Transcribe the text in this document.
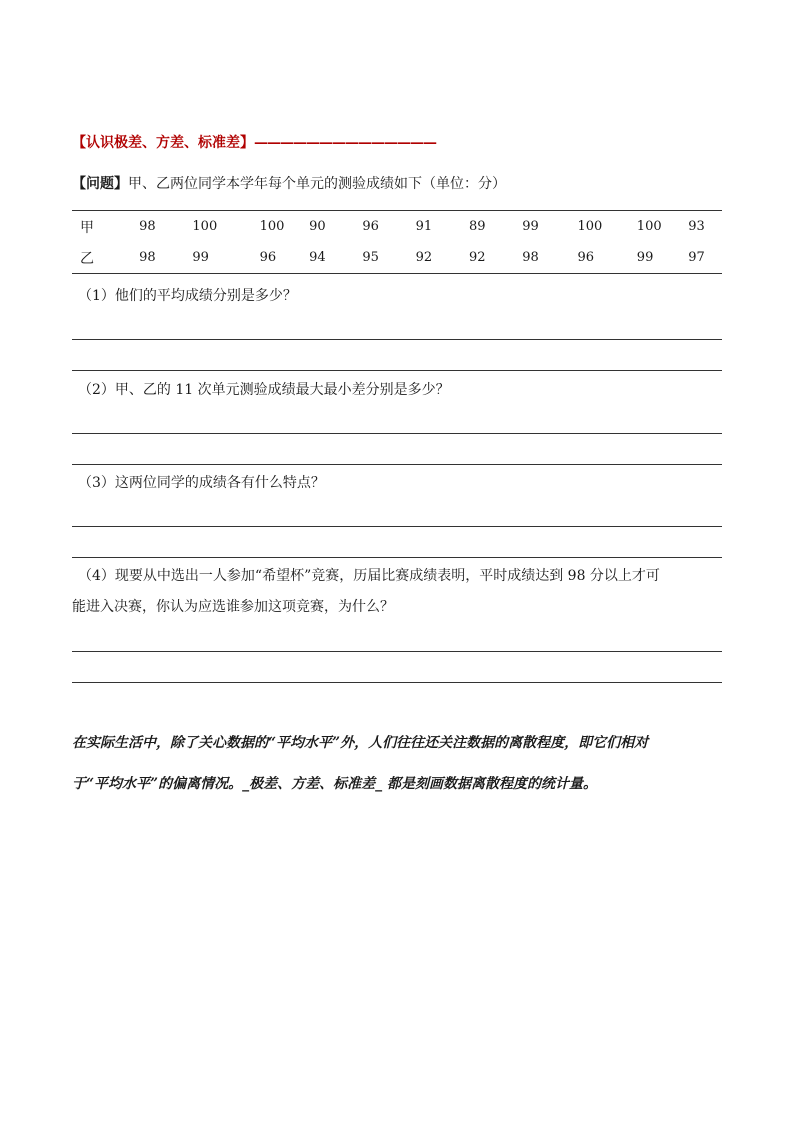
【认识极差、方差、标准差】——————————————
【问题】甲、乙两位同学本学年每个单元的测验成绩如下（单位：分）
甲	98	100	100	90	96	91	89	99	100	100	93
乙	98	99	96	94	95	92	92	98	96	99	97
（1）他们的平均成绩分别是多少？
（2）甲、乙的 11 次单元测验成绩最大最小差分别是多少？
（3）这两位同学的成绩各有什么特点？
（4）现要从中选出一人参加“希望杯”竞赛，历届比赛成绩表明，平时成绩达到 98 分以上才可
能进入决赛，你认为应选谁参加这项竞赛，为什么？
在实际生活中，除了关心数据的“平均水平”外，人们往往还关注数据的离散程度，即它们相对
于“平均水平”的偏离情况。_极差、方差、标准差_ 都是刻画数据离散程度的统计量。
